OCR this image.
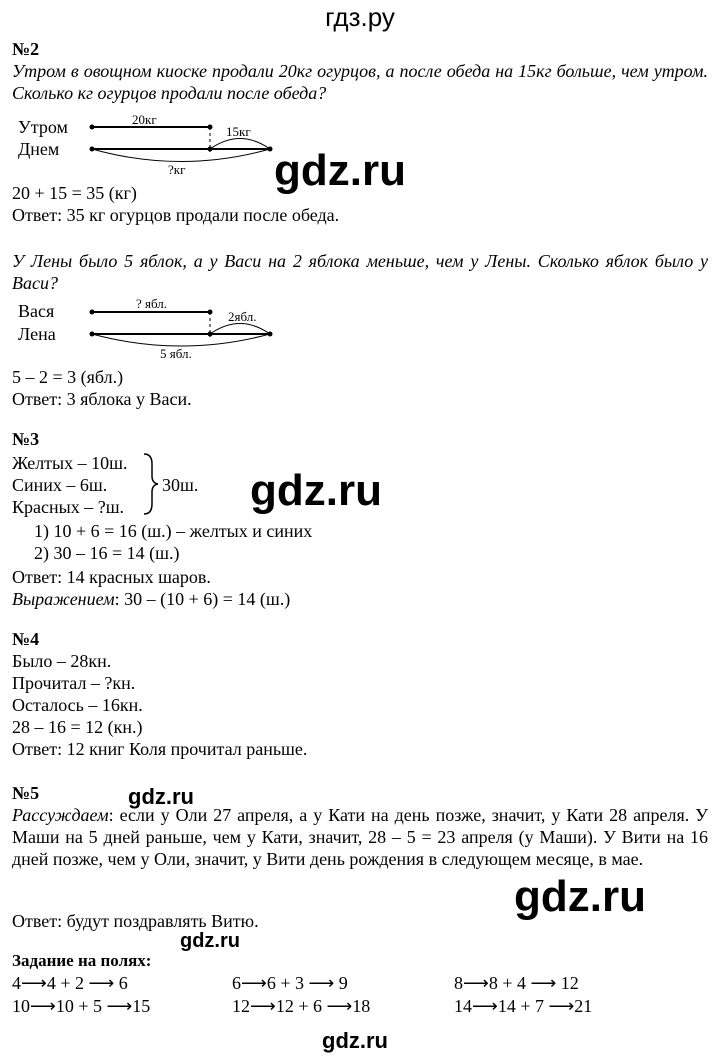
гдз.ру
№2
Утром в овощном киоске продали 20кг огурцов, а после обеда на 15кг больше, чем утром. Сколько кг огурцов продали после обеда?
Утром
Днем
20кг
15кг
?кг
20 + 15 = 35 (кг)
Ответ: 35 кг огурцов продали после обеда.
У Лены было 5 яблок, а у Васи на 2 яблока меньше, чем у Лены. Сколько яблок было у Васи?
Вася
Лена
? ябл.
2ябл.
5 ябл.
5 – 2 = 3 (ябл.)
Ответ: 3 яблока у Васи.
№3
Желтых – 10ш.
Синих – 6ш.
Красных – ?ш.
30ш.
1) 10 + 6 = 16 (ш.) – желтых и синих
2) 30 – 16 = 14 (ш.)
Ответ: 14 красных шаров.
Выражением: 30 – (10 + 6) = 14 (ш.)
№4
Было – 28кн.
Прочитал – ?кн.
Осталось – 16кн.
28 – 16 = 12 (кн.)
Ответ: 12 книг Коля прочитал раньше.
№5
Рассуждаем: если у Оли 27 апреля, а у Кати на день позже, значит, у Кати 28 апреля. У Маши на 5 дней раньше, чем у Кати, значит, 28 – 5 = 23 апреля (у Маши). У Вити на 16 дней позже, чем у Оли, значит, у Вити день рождения в следующем месяце, в мае.
Ответ: будут поздравлять Витю.
Задание на полях:
4⟶4 + 2 ⟶ 6	6⟶6 + 3 ⟶ 9	8⟶8 + 4 ⟶ 12
10⟶10 + 5 ⟶15	12⟶12 + 6 ⟶18	14⟶14 + 7 ⟶21
gdz.ru
gdz.ru
gdz.ru
gdz.ru
gdz.ru
gdz.ru
